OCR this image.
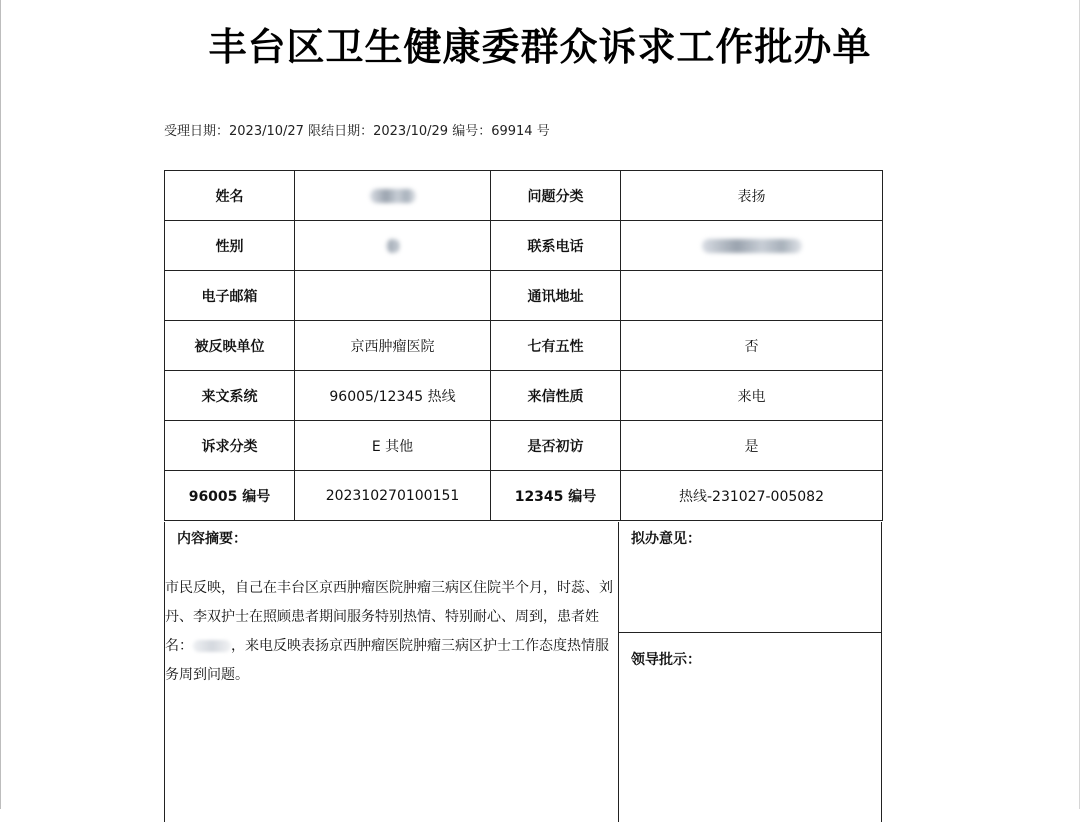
丰台区卫生健康委群众诉求工作批办单
受理日期：2023/10/27 限结日期：2023/10/29 编号：69914 号
姓名		问题分类	表扬
性别		联系电话	
电子邮箱		通讯地址	
被反映单位	京西肿瘤医院	七有五性	否
来文系统	96005/12345 热线	来信性质	来电
诉求分类	E 其他	是否初访	是
96005 编号	202310270100151	12345 编号	热线-231027-005082
内容摘要：
市民反映，自己在丰台区京西肿瘤医院肿瘤三病区住院半个月，时蕊、刘丹、李双护士在照顾患者期间服务特别热情、特别耐心、周到，患者姓名：	，来电反映表扬京西肿瘤医院肿瘤三病区护士工作态度热情服务周到问题。
拟办意见：
领导批示：
